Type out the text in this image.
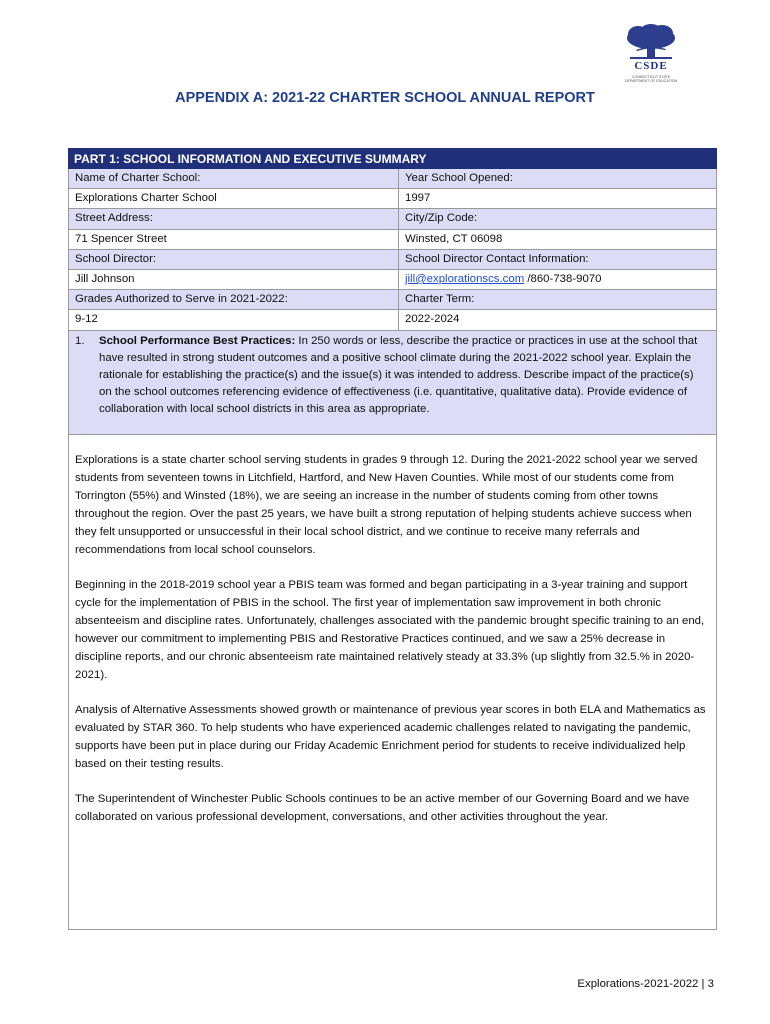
CSDE
CONNECTICUT STATE DEPARTMENT OF EDUCATION
APPENDIX A: 2021-22 CHARTER SCHOOL ANNUAL REPORT
PART 1: SCHOOL INFORMATION AND EXECUTIVE SUMMARY
Name of Charter School:	Year School Opened:
Explorations Charter School	1997
Street Address:	City/Zip Code:
71 Spencer Street	Winsted, CT 06098
School Director:	School Director Contact Information:
Jill Johnson	jill@explorationscs.com /860-738-9070
Grades Authorized to Serve in 2021-2022:	Charter Term:
9-12	2022-2024
1.	School Performance Best Practices: In 250 words or less, describe the practice or practices in use at the school that have resulted in strong student outcomes and a positive school climate during the 2021-2022 school year. Explain the rationale for establishing the practice(s) and the issue(s) it was intended to address. Describe impact of the practice(s) on the school outcomes referencing evidence of effectiveness (i.e. quantitative, qualitative data). Provide evidence of collaboration with local school districts in this area as appropriate.

Explorations is a state charter school serving students in grades 9 through 12. During the 2021-2022 school year we served students from seventeen towns in Litchfield, Hartford, and New Haven Counties. While most of our students come from Torrington (55%) and Winsted (18%), we are seeing an increase in the number of students coming from other towns throughout the region. Over the past 25 years, we have built a strong reputation of helping students achieve success when they felt unsupported or unsuccessful in their local school district, and we continue to receive many referrals and recommendations from local school counselors.

Beginning in the 2018-2019 school year a PBIS team was formed and began participating in a 3-year training and support cycle for the implementation of PBIS in the school. The first year of implementation saw improvement in both chronic absenteeism and discipline rates. Unfortunately, challenges associated with the pandemic brought specific training to an end, however our commitment to implementing PBIS and Restorative Practices continued, and we saw a 25% decrease in discipline reports, and our chronic absenteeism rate maintained relatively steady at 33.3% (up slightly from 32.5.% in 2020-2021).

Analysis of Alternative Assessments showed growth or maintenance of previous year scores in both ELA and Mathematics as evaluated by STAR 360. To help students who have experienced academic challenges related to navigating the pandemic, supports have been put in place during our Friday Academic Enrichment period for students to receive individualized help based on their testing results.

The Superintendent of Winchester Public Schools continues to be an active member of our Governing Board and we have collaborated on various professional development, conversations, and other activities throughout the year.

Explorations-2021-2022 | 3
